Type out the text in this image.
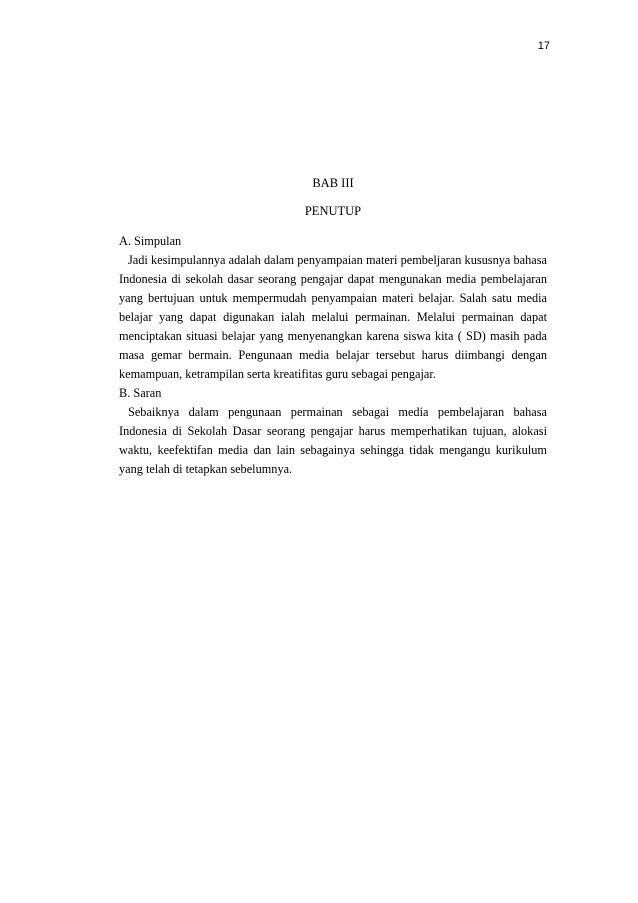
17
BAB III
PENUTUP
A. Simpulan

Jadi kesimpulannya adalah dalam penyampaian materi pembeljaran kususnya bahasa Indonesia di sekolah dasar seorang pengajar dapat mengunakan media pembelajaran yang bertujuan untuk mempermudah penyampaian materi belajar. Salah satu media belajar yang dapat digunakan ialah melalui permainan. Melalui permainan dapat menciptakan situasi belajar yang menyenangkan karena siswa kita ( SD) masih pada masa gemar bermain. Pengunaan media belajar tersebut harus diimbangi dengan kemampuan, ketrampilan serta kreatifitas guru sebagai pengajar.

B. Saran

Sebaiknya dalam pengunaan permainan sebagai media pembelajaran bahasa Indonesia di Sekolah Dasar seorang pengajar harus memperhatikan tujuan, alokasi waktu, keefektifan media dan lain sebagainya sehingga tidak mengangu kurikulum yang telah di tetapkan sebelumnya.
